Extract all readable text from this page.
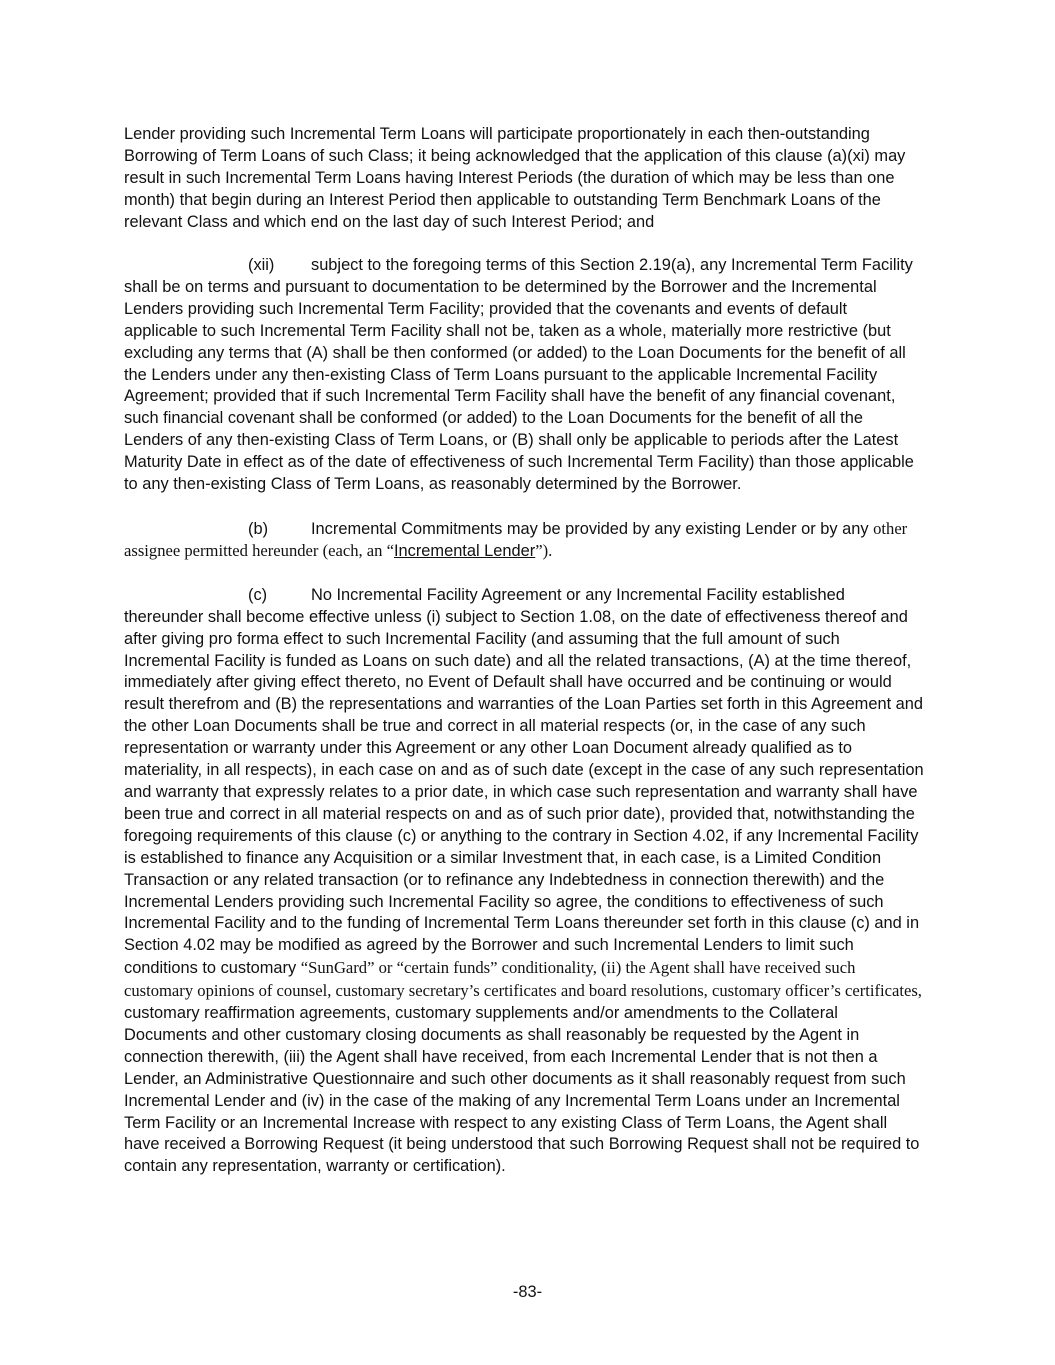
Lender providing such Incremental Term Loans will participate proportionately in each then-outstanding Borrowing of Term Loans of such Class; it being acknowledged that the application of this clause (a)(xi) may result in such Incremental Term Loans having Interest Periods (the duration of which may be less than one month) that begin during an Interest Period then applicable to outstanding Term Benchmark Loans of the relevant Class and which end on the last day of such Interest Period; and

(xii) subject to the foregoing terms of this Section 2.19(a), any Incremental Term Facility shall be on terms and pursuant to documentation to be determined by the Borrower and the Incremental Lenders providing such Incremental Term Facility; provided that the covenants and events of default applicable to such Incremental Term Facility shall not be, taken as a whole, materially more restrictive (but excluding any terms that (A) shall be then conformed (or added) to the Loan Documents for the benefit of all the Lenders under any then-existing Class of Term Loans pursuant to the applicable Incremental Facility Agreement; provided that if such Incremental Term Facility shall have the benefit of any financial covenant, such financial covenant shall be conformed (or added) to the Loan Documents for the benefit of all the Lenders of any then-existing Class of Term Loans, or (B) shall only be applicable to periods after the Latest Maturity Date in effect as of the date of effectiveness of such Incremental Term Facility) than those applicable to any then-existing Class of Term Loans, as reasonably determined by the Borrower.

(b)	Incremental Commitments may be provided by any existing Lender or by any other assignee permitted hereunder (each, an “Incremental Lender”).

(c)	No Incremental Facility Agreement or any Incremental Facility established thereunder shall become effective unless (i) subject to Section 1.08, on the date of effectiveness thereof and after giving pro forma effect to such Incremental Facility (and assuming that the full amount of such Incremental Facility is funded as Loans on such date) and all the related transactions, (A) at the time thereof, immediately after giving effect thereto, no Event of Default shall have occurred and be continuing or would result therefrom and (B) the representations and warranties of the Loan Parties set forth in this Agreement and the other Loan Documents shall be true and correct in all material respects (or, in the case of any such representation or warranty under this Agreement or any other Loan Document already qualified as to materiality, in all respects), in each case on and as of such date (except in the case of any such representation and warranty that expressly relates to a prior date, in which case such representation and warranty shall have been true and correct in all material respects on and as of such prior date), provided that, notwithstanding the foregoing requirements of this clause (c) or anything to the contrary in Section 4.02, if any Incremental Facility is established to finance any Acquisition or a similar Investment that, in each case, is a Limited Condition Transaction or any related transaction (or to refinance any Indebtedness in connection therewith) and the Incremental Lenders providing such Incremental Facility so agree, the conditions to effectiveness of such Incremental Facility and to the funding of Incremental Term Loans thereunder set forth in this clause (c) and in Section 4.02 may be modified as agreed by the Borrower and such Incremental Lenders to limit such conditions to customary “SunGard” or “certain funds” conditionality, (ii) the Agent shall have received such customary opinions of counsel, customary secretary’s certificates and board resolutions, customary officer’s certificates, customary reaffirmation agreements, customary supplements and/or amendments to the Collateral Documents and other customary closing documents as shall reasonably be requested by the Agent in connection therewith, (iii) the Agent shall have received, from each Incremental Lender that is not then a Lender, an Administrative Questionnaire and such other documents as it shall reasonably request from such Incremental Lender and (iv) in the case of the making of any Incremental Term Loans under an Incremental Term Facility or an Incremental Increase with respect to any existing Class of Term Loans, the Agent shall have received a Borrowing Request (it being understood that such Borrowing Request shall not be required to contain any representation, warranty or certification).

-83-
